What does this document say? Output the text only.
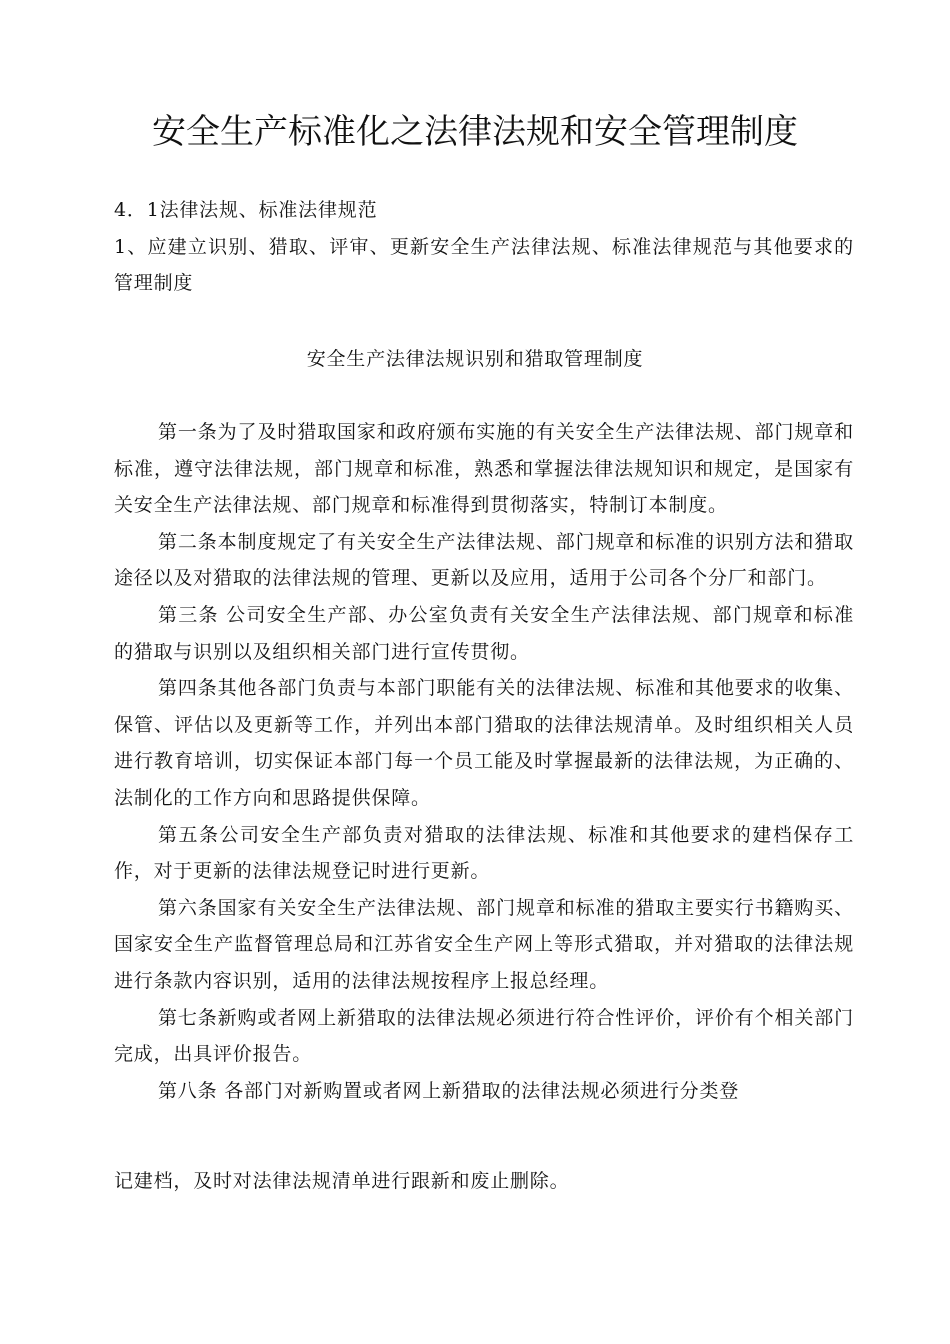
安全生产标准化之法律法规和安全管理制度
4．1法律法规、标准法律规范
1、应建立识别、猎取、评审、更新安全生产法律法规、标准法律规范与其他要求的管理制度
安全生产法律法规识别和猎取管理制度

第一条为了及时猎取国家和政府颁布实施的有关安全生产法律法规、部门规章和标准，遵守法律法规，部门规章和标准，熟悉和掌握法律法规知识和规定，是国家有关安全生产法律法规、部门规章和标准得到贯彻落实，特制订本制度。

第二条本制度规定了有关安全生产法律法规、部门规章和标准的识别方法和猎取途径以及对猎取的法律法规的管理、更新以及应用，适用于公司各个分厂和部门。

第三条 公司安全生产部、办公室负责有关安全生产法律法规、部门规章和标准的猎取与识别以及组织相关部门进行宣传贯彻。

第四条其他各部门负责与本部门职能有关的法律法规、标准和其他要求的收集、保管、评估以及更新等工作，并列出本部门猎取的法律法规清单。及时组织相关人员进行教育培训，切实保证本部门每一个员工能及时掌握最新的法律法规，为正确的、法制化的工作方向和思路提供保障。

第五条公司安全生产部负责对猎取的法律法规、标准和其他要求的建档保存工作，对于更新的法律法规登记时进行更新。

第六条国家有关安全生产法律法规、部门规章和标准的猎取主要实行书籍购买、国家安全生产监督管理总局和江苏省安全生产网上等形式猎取，并对猎取的法律法规进行条款内容识别，适用的法律法规按程序上报总经理。

第七条新购或者网上新猎取的法律法规必须进行符合性评价，评价有个相关部门完成，出具评价报告。

第八条 各部门对新购置或者网上新猎取的法律法规必须进行分类登

记建档，及时对法律法规清单进行跟新和废止删除。
